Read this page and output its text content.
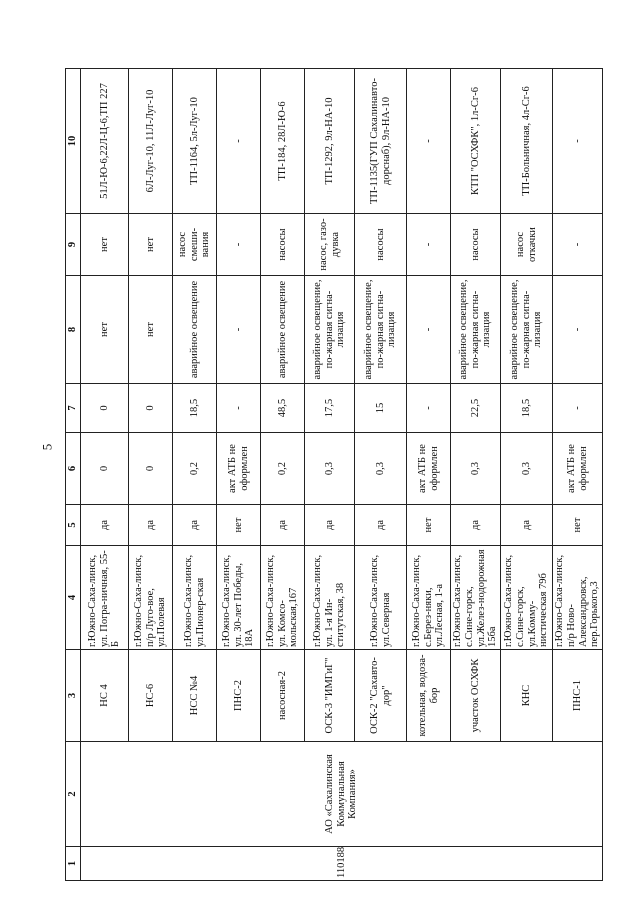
5
1	2	3	4	5	6	7	8	9	10
110188	АО «Сахалинская Коммунальная Компания»	НС 4	г.Южно-Саха-линск, ул. Погра-ничная, 55-Б	да	0	0	нет	нет	51Л-Ю-6,22Л-Ц-6,ТП 227
		НС-6	г.Южно-Саха-линск, п/р Луго-вое, ул.Полевая	да	0	0	нет	нет	6Л-Луг-10, 11Л-Луг-10
		НСС №4	г.Южно-Саха-линск, ул.Пионер-ская	да	0,2	18,5	аварийное освещение	насос смеши-вания	ТП-1164, 5л-Луг-10
		ПНС-2	г.Южно-Саха-линск, ул. 30-лет Победы, 18А	нет	акт АТБ не оформлен	-	-	-	-
		насосная-2	г.Южно-Саха-линск, ул. Комсо-мольская,167	да	0,2	48,5	аварийное освещение	насосы	ТП-184, 28Л-Ю-6
		ОСК-3 "ИМГиГ"	г.Южно-Саха-линск, ул. 1-я Ин-ститутская, 38	да	0,3	17,5	аварийное освещение, по-жарная сигна-лизация	насос, газо-дувка	ТП-1292, 9л-НА-10
		ОСК-2 "Сахавто-дор"	г.Южно-Саха-линск, ул.Северная	да	0,3	15	аварийное освещение, по-жарная сигна-лизация	насосы	ТП-1135(ГУП Сахалинавто-дорснаб), 9л-НА-10
		котельная, водоза-бор	г.Южно-Саха-линск, с.Берез-няки, ул.Лесная, 1-а	нет	акт АТБ не оформлен	-	-	-	-
		участок ОСХФК	г.Южно-Саха-линск, с.Сине-горск, ул.Желез-нодорожная 15ба	да	0,3	22,5	аварийное освещение, по-жарная сигна-лизация	насосы	КТП "ОСХФК", 1л-Сг-6
		КНС	г.Южно-Саха-линск, с.Сине-горск, ул.Комму-нистическая 79б	да	0,3	18,5	аварийное освещение, по-жарная сигна-лизация	насос откачки	ТП-Больничная, 4л-Сг-6
		ПНС-1	г.Южно-Саха-линск, п/р Ново-Александровск, пер.Горького,3	нет	акт АТБ не оформлен	-	-	-	-
